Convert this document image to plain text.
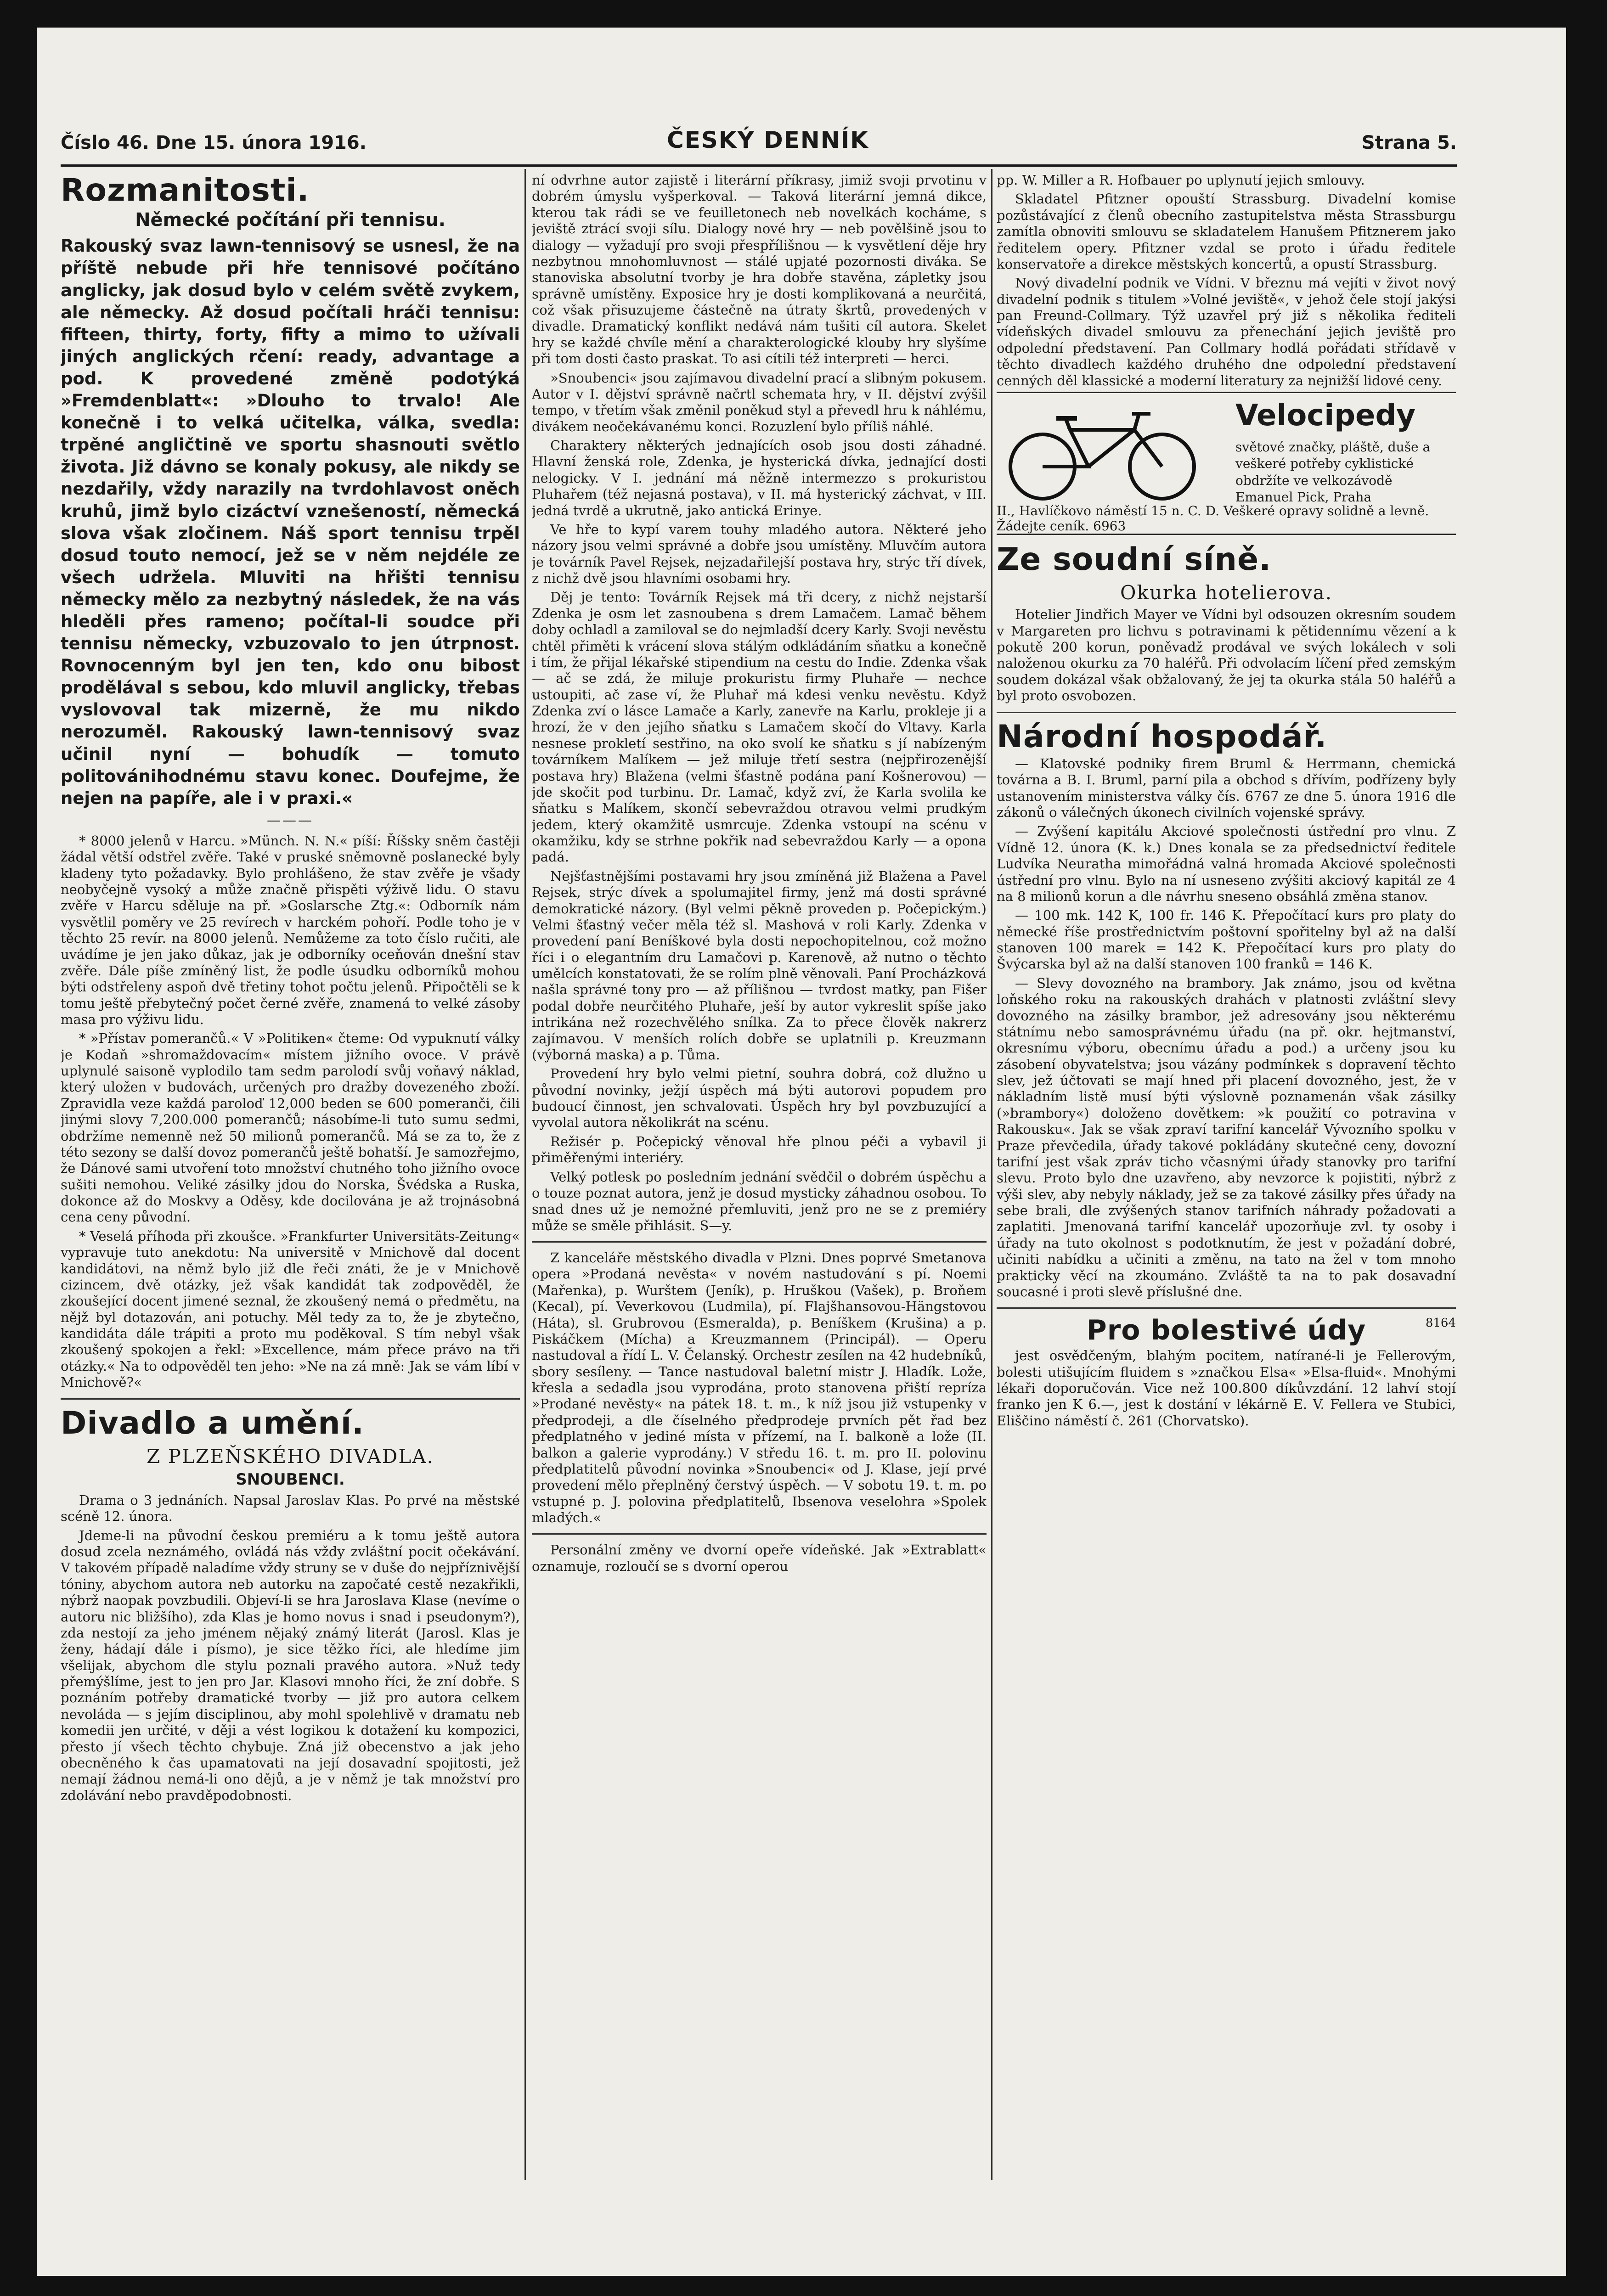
Číslo 46. Dne 15. února 1916.	ČESKÝ DENNÍK	Strana 5.
Rozmanitosti.
Německé počítání při tennisu.

Rakouský svaz lawn-tennisový se usnesl, že na příště nebude při hře tennisové počítáno anglicky, jak dosud bylo v celém světě zvykem, ale německy. Až dosud počítali hráči tennisu: fifteen, thirty, forty, fifty a mimo to užívali jiných anglických rčení: ready, advantage a pod. K provedené změně podotýká »Fremdenblatt«: »Dlouho to trvalo! Ale konečně i to velká učitelka, válka, svedla: trpěné angličtině ve sportu shasnouti světlo života. Již dávno se konaly pokusy, ale nikdy se nezdařily, vždy narazily na tvrdohlavost oněch kruhů, jimž bylo cizáctví vznešeností, německá slova však zločinem. Náš sport tennisu trpěl dosud touto nemocí, jež se v něm nejdéle ze všech udržela. Mluviti na hřišti tennisu německy mělo za nezbytný následek, že na vás hleděli přes rameno; počítal-li soudce při tennisu německy, vzbuzovalo to jen útrpnost. Rovnocenným byl jen ten, kdo onu bibost prodělával s sebou, kdo mluvil anglicky, třebas vyslovoval tak mizerně, že mu nikdo nerozuměl. Rakouský lawn-tennisový svaz učinil nyní — bohudík — tomuto politovánihodnému stavu konec. Doufejme, že nejen na papíře, ale i v praxi.«

———

* 8000 jelenů v Harcu. »Münch. N. N.« píší: Říšsky sněm častěji žádal větší odstřel zvěře. Také v pruské sněmovně poslanecké byly kladeny tyto požadavky. Bylo prohlášeno, že stav zvěře je všady neobyčejně vysoký a může značně přispěti výživě lidu. O stavu zvěře v Harcu sděluje na př. »Goslarsche Ztg.«: Odborník nám vysvětlil poměry ve 25 revírech v harckém pohoří. Podle toho je v těchto 25 revír. na 8000 jelenů. Nemůžeme za toto číslo ručiti, ale uvádíme je jen jako důkaz, jak je odborníky oceňován dnešní stav zvěře. Dále píše zmíněný list, že podle úsudku odborníků mohou býti odstřeleny aspoň dvě třetiny tohot počtu jelenů. Připočtěli se k tomu ještě přebytečný počet černé zvěře, znamená to velké zásoby masa pro výživu lidu.

* »Přístav pomerančů.« V »Politiken« čteme: Od vypuknutí války je Kodaň »shromaždovacím« místem jižního ovoce. V právě uplynulé saisoně vyplodilo tam sedm parolodí svůj voňavý náklad, který uložen v budovách, určených pro dražby dovezeného zboží. Zpravidla veze každá paroloď 12,000 beden se 600 pomeranči, čili jinými slovy 7,200.000 pomerančů; násobíme-li tuto sumu sedmi, obdržíme nemenně než 50 milionů pomerančů. Má se za to, že z této sezony se další dovoz pomerančů ještě bohatší. Je samozřejmo, že Dánové sami utvoření toto množství chutného toho jižního ovoce sušiti nemohou. Veliké zásilky jdou do Norska, Švédska a Ruska, dokonce až do Moskvy a Oděsy, kde docilována je až trojnásobná cena ceny původní.

* Veselá příhoda při zkoušce. »Frankfurter Universitäts-Zeitung« vypravuje tuto anekdotu: Na universitě v Mnichově dal docent kandidátovi, na němž bylo již dle řeči znáti, že je v Mnichově cizincem, dvě otázky, jež však kandidát tak zodpověděl, že zkoušející docent jimené seznal, že zkoušený nemá o předmětu, na nějž byl dotazován, ani potuchy. Měl tedy za to, že je zbytečno, kandidáta dále trápiti a proto mu poděkoval. S tím nebyl však zkoušený spokojen a řekl: »Excellence, mám přece právo na tři otázky.« Na to odpověděl ten jeho: »Ne na zá mně: Jak se vám líbí v Mnichově?«

Divadlo a umění.
Z PLZEŇSKÉHO DIVADLA.
SNOUBENCI.

Drama o 3 jednáních. Napsal Jaroslav Klas. Po prvé na městské scéně 12. února.

Jdeme-li na původní českou premiéru a k tomu ještě autora dosud zcela neznámého, ovládá nás vždy zvláštní pocit očekávání. V takovém případě naladíme vždy struny se v duše do nejpříznivější tóniny, abychom autora neb autorku na započaté cestě nezakřikli, nýbrž naopak povzbudili. Objeví-li se hra Jaroslava Klase (nevíme o autoru nic bližšího), zda Klas je homo novus i snad i pseudonym?), zda nestojí za jeho jménem nějaký známý literát (Jarosl. Klas je ženy, hádají dále i písmo), je sice těžko říci, ale hledíme jim všelijak, abychom dle stylu poznali pravého autora. »Nuž tedy přemýšlíme, jest to jen pro Jar. Klasovi mnoho říci, že zní dobře. S poznáním potřeby dramatické tvorby — již pro autora celkem nevoláda — s jejím disciplinou, aby mohl spolehlivě v dramatu neb komedii jen určité, v ději a vést logikou k dotažení ku kompozici, přesto jí všech těchto chybuje. Zná již obecenstvo a jak jeho obecněného k čas upamatovati na její dosavadní spojitosti, jež nemají žádnou nemá-li ono dějů, a je v němž je tak množství pro zdolávání nebo pravděpodobnosti.

ní odvrhne autor zajistě i literární příkrasy, jimiž svoji prvotinu v dobrém úmyslu vyšperkoval. — Taková literární jemná dikce, kterou tak rádi se ve feuilletonech neb novelkách kocháme, s jeviště ztrácí svoji sílu. Dialogy nové hry — neb povělšině jsou to dialogy — vyžadují pro svoji přespřílišnou — k vysvětlení děje hry nezbytnou mnohomluvnost — stálé upjaté pozornosti diváka. Se stanoviska absolutní tvorby je hra dobře stavěna, zápletky jsou správně umístěny. Exposice hry je dosti komplikovaná a neurčitá, což však přisuzujeme částečně na útraty škrtů, provedených v divadle. Dramatický konflikt nedává nám tušiti cíl autora. Skelet hry se každé chvíle mění a charakterologické klouby hry slyšíme při tom dosti často praskat. To asi cítili též interpreti — herci.

»Snoubenci« jsou zajímavou divadelní prací a slibným pokusem. Autor v I. dějství správně načrtl schemata hry, v II. dějství zvýšil tempo, v třetím však změnil poněkud styl a převedl hru k náhlému, divákem neočekávanému konci. Rozuzlení bylo příliš náhlé.

Charaktery některých jednajících osob jsou dosti záhadné. Hlavní ženská role, Zdenka, je hysterická dívka, jednající dosti nelogicky. V I. jednání má něžně intermezzo s prokuristou Pluhařem (též nejasná postava), v II. má hysterický záchvat, v III. jedná tvrdě a ukrutně, jako antická Erinye.

Ve hře to kypí varem touhy mladého autora. Některé jeho názory jsou velmi správné a dobře jsou umístěny. Mluvčím autora je továrník Pavel Rejsek, nejzadařilejší postava hry, strýc tří dívek, z nichž dvě jsou hlavními osobami hry.

Děj je tento: Továrník Rejsek má tři dcery, z nichž nejstarší Zdenka je osm let zasnoubena s drem Lamačem. Lamač během doby ochladl a zamiloval se do nejmladší dcery Karly. Svoji nevěstu chtěl přiměti k vrácení slova stálým odkládáním sňatku a konečně i tím, že přijal lékařské stipendium na cestu do Indie. Zdenka však — ač se zdá, že miluje prokuristu firmy Pluhaře — nechce ustoupiti, ač zase ví, že Pluhař má kdesi venku nevěstu. Když Zdenka zví o lásce Lamače a Karly, zanevře na Karlu, prokleje ji a hrozí, že v den jejího sňatku s Lamačem skočí do Vltavy. Karla nesnese prokletí sestřino, na oko svolí ke sňatku s jí nabízeným továrníkem Malíkem — jež miluje třetí sestra (nejpřirozenější postava hry) Blažena (velmi šťastně podána paní Košnerovou) — jde skočit pod turbinu. Dr. Lamač, když zví, že Karla svolila ke sňatku s Malíkem, skončí sebevraždou otravou velmi prudkým jedem, který okamžitě usmrcuje. Zdenka vstoupí na scénu v okamžiku, kdy se strhne pokřik nad sebevraždou Karly — a opona padá.

Nejšťastnějšími postavami hry jsou zmíněná již Blažena a Pavel Rejsek, strýc dívek a spolumajitel firmy, jenž má dosti správné demokratické názory. (Byl velmi pěkně proveden p. Počepickým.) Velmi šťastný večer měla též sl. Mashová v roli Karly. Zdenka v provedení paní Beníškové byla dosti nepochopitelnou, což možno říci i o elegantním dru Lamačovi p. Karenově, až nutno o těchto umělcích konstatovati, že se rolím plně věnovali. Paní Procházková našla správné tony pro — až přílišnou — tvrdost matky, pan Fišer podal dobře neurčitého Pluhaře, ješí by autor vykreslit spíše jako intrikána než rozechvělého snílka. Za to přece člověk nakrerz zajímavou. V menších rolích dobře se uplatnili p. Kreuzmann (výborná maska) a p. Tůma.

Provedení hry bylo velmi pietní, souhra dobrá, což dlužno u původní novinky, ježjí úspěch má býti autorovi popudem pro budoucí činnost, jen schvalovati. Úspěch hry byl povzbuzující a vyvolal autora několikrát na scénu.

Režisér p. Počepický věnoval hře plnou péči a vybavil ji přiměřenými interiéry.

Velký potlesk po posledním jednání svědčil o dobrém úspěchu a o touze poznat autora, jenž je dosud mysticky záhadnou osobou. To snad dnes už je nemožné přemluviti, jenž pro ne se z premiéry může se směle přihlásit. S—y.

Z kanceláře městského divadla v Plzni. Dnes poprvé Smetanova opera »Prodaná nevěsta« v novém nastudování s pí. Noemi (Mařenka), p. Wurštem (Jeník), p. Hruškou (Vašek), p. Broňem (Kecal), pí. Veverkovou (Ludmila), pí. Flajšhansovou-Hängstovou (Háta), sl. Grubrovou (Esmeralda), p. Beníškem (Krušina) a p. Piskáčkem (Mícha) a Kreuzmannem (Principál). — Operu nastudoval a řídí L. V. Čelanský. Orchestr zesílen na 42 hudebníků, sbory sesíleny. — Tance nastudoval baletní mistr J. Hladík. Lože, křesla a sedadla jsou vyprodána, proto stanovena přiští repríza »Prodané nevěsty« na pátek 18. t. m., k níž jsou již vstupenky v předprodeji, a dle číselného předprodeje prvních pět řad bez předplatného v jediné místa v přízemí, na I. balkoně a lože (II. balkon a galerie vyprodány.) V středu 16. t. m. pro II. polovinu předplatitelů původní novinka »Snoubenci« od J. Klase, její prvé provedení mělo přeplněný čerstvý úspěch. — V sobotu 19. t. m. po vstupné p. J. polovina předplatitelů, Ibsenova veselohra »Spolek mladých.«

Personální změny ve dvorní opeře vídeňské. Jak »Extrablatt« oznamuje, rozloučí se s dvorní operou

pp. W. Miller a R. Hofbauer po uplynutí jejich smlouvy.

Skladatel Pfitzner opouští Strassburg. Divadelní komise pozůstávající z členů obecního zastupitelstva města Strassburgu zamítla obnoviti smlouvu se skladatelem Hanušem Pfitznerem jako ředitelem opery. Pfitzner vzdal se proto i úřadu ředitele konservatoře a direkce městských koncertů, a opustí Strassburg.

Nový divadelní podnik ve Vídni. V březnu má vejíti v život nový divadelní podnik s titulem »Volné jeviště«, v jehož čele stojí jakýsi pan Freund-Collmary. Týž uzavřel prý již s několika řediteli vídeňských divadel smlouvu za přenechání jejich jeviště pro odpolední představení. Pan Collmary hodlá pořádati střídavě v těchto divadlech každého druhého dne odpolední představení cenných děl klassické a moderní literatury za nejnižší lidové ceny.

Velocipedy
světové značky, pláště, duše a veškeré potřeby cyklistické obdržíte ve velkozávodě Emanuel Pick, Praha
II., Havlíčkovo náměstí 15 n. C. D. Veškeré opravy solidně a levně. Žádejte ceník. 6963
Ze soudní síně.
Okurka hotelierova.

Hotelier Jindřich Mayer ve Vídni byl odsouzen okresním soudem v Margareten pro lichvu s potravinami k pětidennímu vězení a k pokutě 200 korun, poněvadž prodával ve svých lokálech v soli naloženou okurku za 70 haléřů. Při odvolacím líčení před zemským soudem dokázal však obžalovaný, že jej ta okurka stála 50 haléřů a byl proto osvobozen.

Národní hospodář.

— Klatovské podniky firem Bruml & Herrmann, chemická továrna a B. I. Bruml, parní pila a obchod s dřívím, podřízeny byly ustanovením ministerstva války čís. 6767 ze dne 5. února 1916 dle zákonů o válečných úkonech civilních vojenské správy.

— Zvýšení kapitálu Akciové společnosti ústřední pro vlnu. Z Vídně 12. února (K. k.) Dnes konala se za předsednictví ředitele Ludvíka Neuratha mimořádná valná hromada Akciové společnosti ústřední pro vlnu. Bylo na ní usneseno zvýšiti akciový kapitál ze 4 na 8 milionů korun a dle návrhu sneseno obsáhlá změna stanov.

— 100 mk. 142 K, 100 fr. 146 K. Přepočítací kurs pro platy do německé říše prostřednictvím poštovní spořitelny byl až na další stanoven 100 marek = 142 K. Přepočítací kurs pro platy do Švýcarska byl až na další stanoven 100 franků = 146 K.

— Slevy dovozného na brambory. Jak známo, jsou od května loňského roku na rakouských drahách v platnosti zvláštní slevy dovozného na zásilky brambor, jež adresovány jsou některému státnímu nebo samosprávnému úřadu (na př. okr. hejtmanství, okresnímu výboru, obecnímu úřadu a pod.) a určeny jsou ku zásobení obyvatelstva; jsou vázány podmínkek s dopravení těchto slev, jež účtovati se mají hned při placení dovozného, jest, že v nákladním listě musí býti výslovně poznamenán však zásilky (»brambory«) doloženo dovětkem: »k použití co potravina v Rakousku«. Jak se však zpraví tarifní kancelář Vývozního spolku v Praze převčedila, úřady takové pokládány skutečné ceny, dovozní tarifní jest však zpráv ticho včasnými úřady stanovky pro tarifní slevu. Proto bylo dne uzavřeno, aby nevzorce k pojistiti, nýbrž z výši slev, aby nebyly náklady, jež se za takové zásilky přes úřady na sebe brali, dle zvýšených stanov tarifních náhrady požadovati a zaplatiti. Jmenovaná tarifní kancelář upozorňuje zvl. ty osoby i úřady na tuto okolnost s podotknutím, že jest v požadání dobré, učiniti nabídku a učiniti a změnu, na tato na žel v tom mnoho prakticky věcí na zkoumáno. Zvláště ta na to pak dosavadní soucasné i proti slevě příslušné dne.

Pro bolestivé údy	8164

jest osvědčeným, blahým pocitem, natírané-li je Fellerovým, bolesti utišujícím fluidem s »značkou Elsa« »Elsa-fluid«. Mnohými lékaři doporučován. Vice než 100.800 díkůvzdání. 12 lahví stojí franko jen K 6.—, jest k dostání v lékárně E. V. Fellera ve Stubici, Eliščino náměstí č. 261 (Chorvatsko).
